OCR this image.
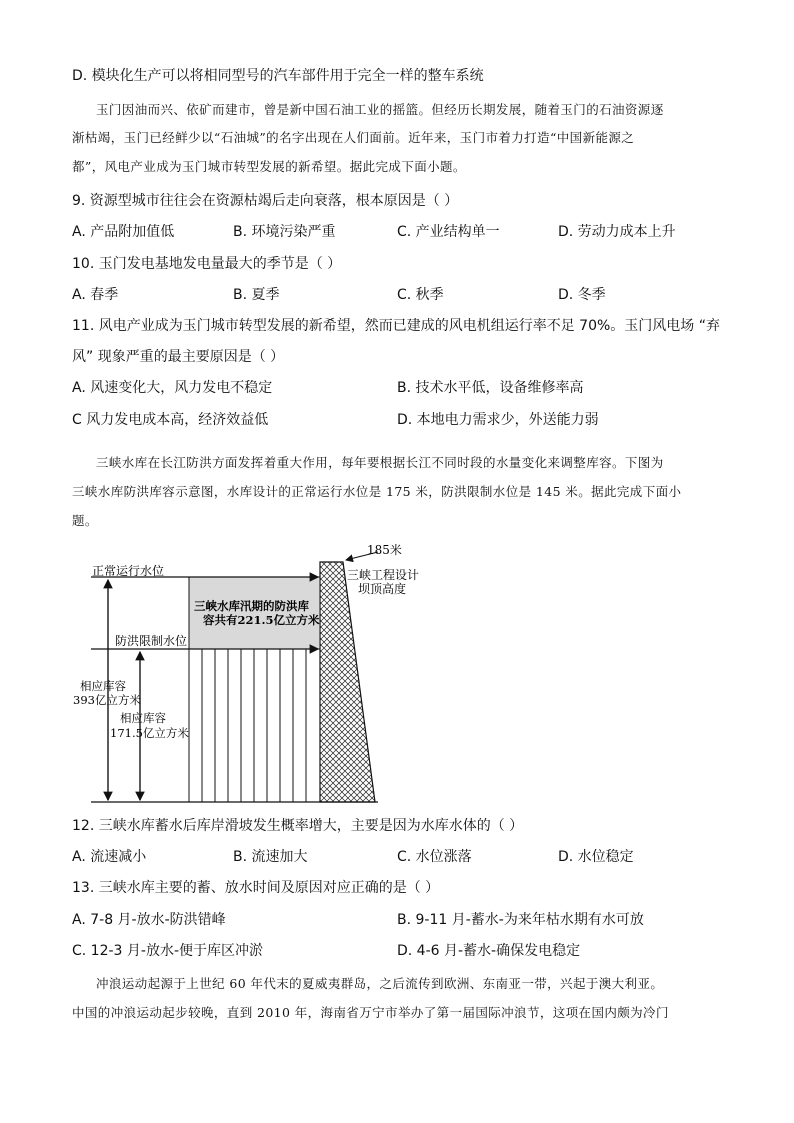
D. 模块化生产可以将相同型号的汽车部件用于完全一样的整车系统
玉门因油而兴、依矿而建市，曾是新中国石油工业的摇篮。但经历长期发展，随着玉门的石油资源逐
渐枯竭，玉门已经鲜少以“石油城”的名字出现在人们面前。近年来，玉门市着力打造“中国新能源之
都”，风电产业成为玉门城市转型发展的新希望。据此完成下面小题。
9. 资源型城市往往会在资源枯竭后走向衰落，根本原因是（ ）
A. 产品附加值低	B. 环境污染严重	C. 产业结构单一	D. 劳动力成本上升
10. 玉门发电基地发电量最大的季节是（ ）
A. 春季	B. 夏季	C. 秋季	D. 冬季
11. 风电产业成为玉门城市转型发展的新希望，然而已建成的风电机组运行率不足 70%。玉门风电场 “弃
风” 现象严重的最主要原因是（ ）
A. 风速变化大，风力发电不稳定	B. 技术水平低，设备维修率高
C 风力发电成本高，经济效益低	D. 本地电力需求少，外送能力弱
三峡水库在长江防洪方面发挥着重大作用，每年要根据长江不同时段的水量变化来调整库容。下图为
三峡水库防洪库容示意图，水库设计的正常运行水位是 175 米，防洪限制水位是 145 米。据此完成下面小
题。
185米
正常运行水位	三峡工程设计
坝顶高度
三峡水库汛期的防洪库
容共有221.5亿立方米
防洪限制水位
相应库容
393亿立方米
相应库容
171.5亿立方米
12. 三峡水库蓄水后库岸滑坡发生概率增大，主要是因为水库水体的（ ）
A. 流速减小	B. 流速加大	C. 水位涨落	D. 水位稳定
13. 三峡水库主要的蓄、放水时间及原因对应正确的是（ ）
A. 7-8 月-放水-防洪错峰	B. 9-11 月-蓄水-为来年枯水期有水可放
C. 12-3 月-放水-便于库区冲淤	D. 4-6 月-蓄水-确保发电稳定
冲浪运动起源于上世纪 60 年代末的夏威夷群岛，之后流传到欧洲、东南亚一带，兴起于澳大利亚。
中国的冲浪运动起步较晚，直到 2010 年，海南省万宁市举办了第一届国际冲浪节，这项在国内颇为冷门
